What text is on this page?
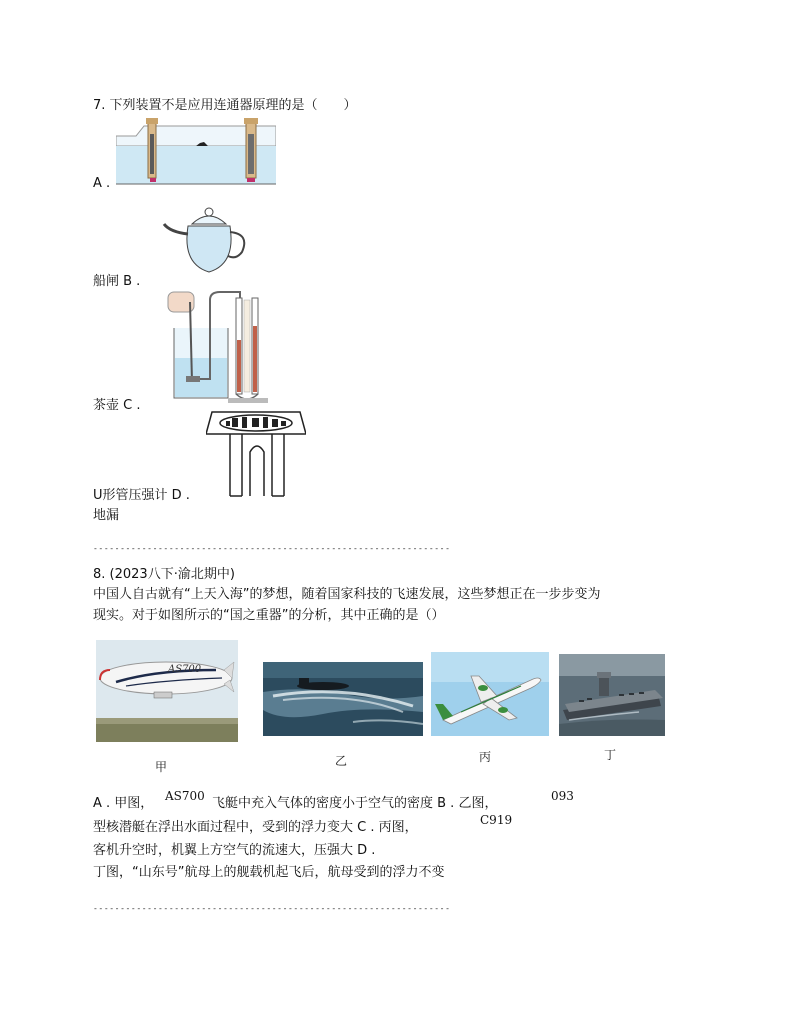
7. 下列装置不是应用连通器原理的是（　　）
A .
船闸 B .
茶壶 C .
U形管压强计 D .
地漏
------------------------------------------------------------------
8. (2023八下·渝北期中)
中国人自古就有“上天入海”的梦想，随着国家科技的飞速发展，这些梦想正在一步步变为
现实。对于如图所示的“国之重器”的分析，其中正确的是（）
AS700
甲	乙	丙	丁
A . 甲图， AS700 飞艇中充入气体的密度小于空气的密度 B . 乙图，	093
型核潜艇在浮出水面过程中，受到的浮力变大 C . 丙图，	C919
客机升空时，机翼上方空气的流速大，压强大 D .
丁图，“山东号”航母上的舰载机起飞后，航母受到的浮力不变
------------------------------------------------------------------
